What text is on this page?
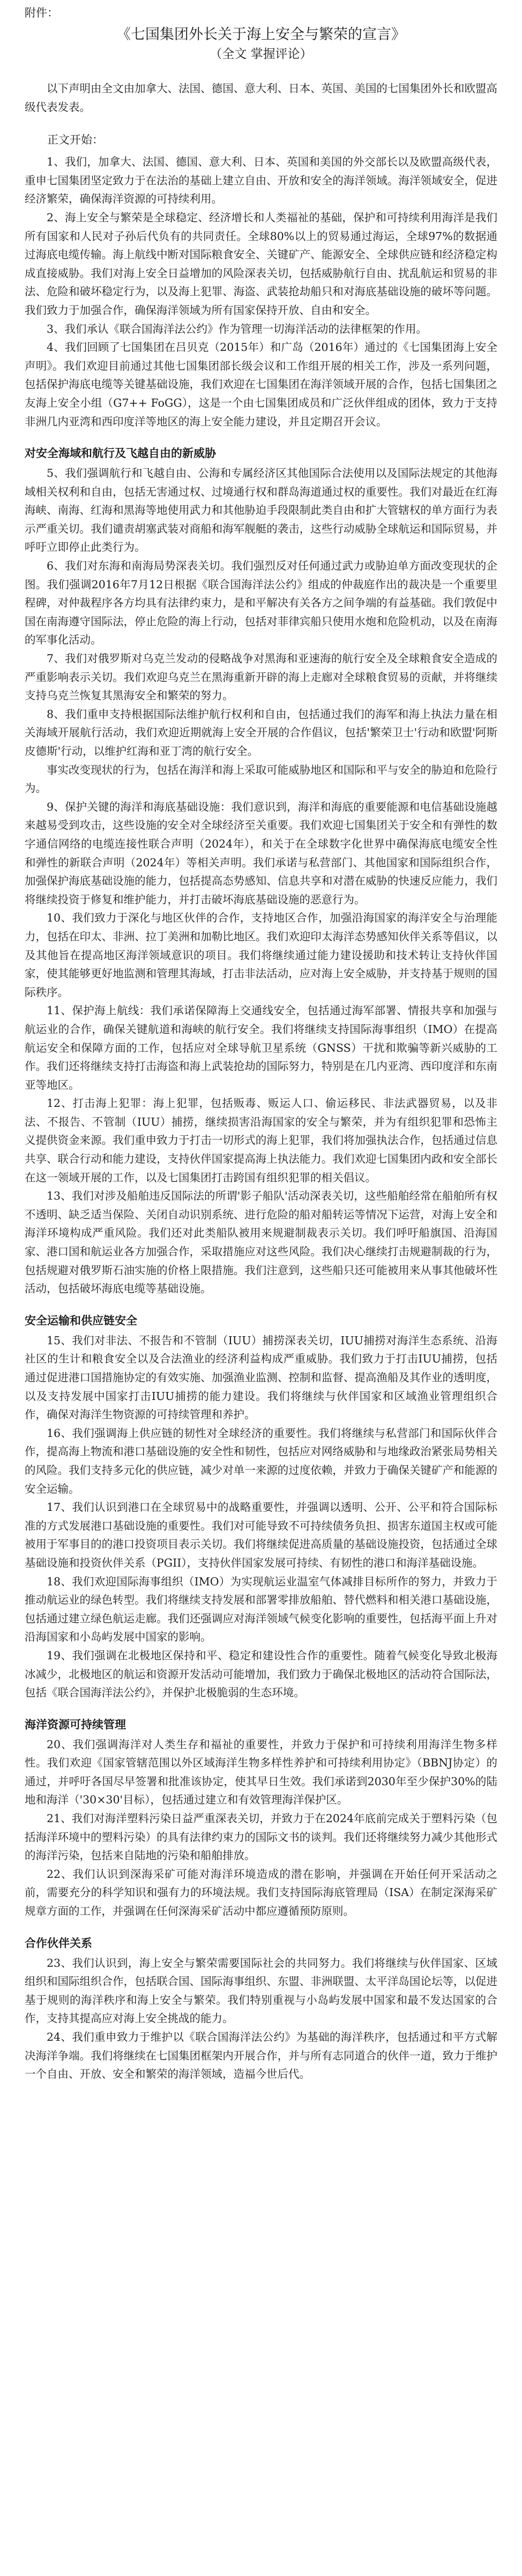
附件：
《七国集团外长关于海上安全与繁荣的宣言》
（全文 掌握评论）

以下声明由全文由加拿大、法国、德国、意大利、日本、英国、美国的七国集团外长和欧盟高级代表发表。

正文开始：

1、我们，加拿大、法国、德国、意大利、日本、英国和美国的外交部长以及欧盟高级代表，重申七国集团坚定致力于在法治的基础上建立自由、开放和安全的海洋领域。海洋领域安全，促进经济繁荣，确保海洋资源的可持续利用。

2、海上安全与繁荣是全球稳定、经济增长和人类福祉的基础，保护和可持续利用海洋是我们所有国家和人民对子孙后代负有的共同责任。全球80%以上的贸易通过海运，全球97%的数据通过海底电缆传输。海上航线中断对国际粮食安全、关键矿产、能源安全、全球供应链和经济稳定构成直接威胁。我们对海上安全日益增加的风险深表关切，包括威胁航行自由、扰乱航运和贸易的非法、危险和破坏稳定行为，以及海上犯罪、海盗、武装抢劫船只和对海底基础设施的破坏等问题。我们致力于加强合作，确保海洋领域为所有国家保持开放、自由和安全。

3、我们承认《联合国海洋法公约》作为管理一切海洋活动的法律框架的作用。

4、我们回顾了七国集团在吕贝克（2015年）和广岛（2016年）通过的《七国集团海上安全声明》。我们欢迎目前通过其他七国集团部长级会议和工作组开展的相关工作，涉及一系列问题，包括保护海底电缆等关键基础设施，我们欢迎在七国集团在海洋领域开展的合作，包括七国集团之友海上安全小组（G7++ FoGG），这是一个由七国集团成员和广泛伙伴组成的团体，致力于支持非洲几内亚湾和西印度洋等地区的海上安全能力建设，并且定期召开会议。

对安全海域和航行及飞越自由的新威胁

5、我们强调航行和飞越自由、公海和专属经济区其他国际合法使用以及国际法规定的其他海域相关权利和自由，包括无害通过权、过境通行权和群岛海道通过权的重要性。我们对最近在红海海峡、南海、红海和黑海等地使用武力和其他胁迫手段限制此类自由和扩大管辖权的单方面行为表示严重关切。我们谴责胡塞武装对商船和海军舰艇的袭击，这些行动威胁全球航运和国际贸易，并呼吁立即停止此类行为。

6、我们对东海和南海局势深表关切。我们强烈反对任何通过武力或胁迫单方面改变现状的企图。我们强调2016年7月12日根据《联合国海洋法公约》组成的仲裁庭作出的裁决是一个重要里程碑，对仲裁程序各方均具有法律约束力，是和平解决有关各方之间争端的有益基础。我们敦促中国在南海遵守国际法，停止危险的海上行动，包括对菲律宾船只使用水炮和危险机动，以及在南海的军事化活动。

7、我们对俄罗斯对乌克兰发动的侵略战争对黑海和亚速海的航行安全及全球粮食安全造成的严重影响表示关切。我们欢迎乌克兰在黑海重新开辟的海上走廊对全球粮食贸易的贡献，并将继续支持乌克兰恢复其黑海安全和繁荣的努力。

8、我们重申支持根据国际法维护航行权利和自由，包括通过我们的海军和海上执法力量在相关海域开展航行活动，我们欢迎近期就海上安全开展的合作倡议，包括'繁荣卫士'行动和欧盟'阿斯皮德斯'行动，以维护红海和亚丁湾的航行安全。

事实改变现状的行为，包括在海洋和海上采取可能威胁地区和国际和平与安全的胁迫和危险行为。

9、保护关键的海洋和海底基础设施：我们意识到，海洋和海底的重要能源和电信基础设施越来越易受到攻击，这些设施的安全对全球经济至关重要。我们欢迎七国集团关于安全和有弹性的数字通信网络的电缆连接性联合声明（2024年），和关于在全球数字化世界中确保海底电缆安全性和弹性的新联合声明（2024年）等相关声明。我们承诺与私营部门、其他国家和国际组织合作，加强保护海底基础设施的能力，包括提高态势感知、信息共享和对潜在威胁的快速反应能力，我们将继续投资于修复和维护能力，并打击破坏海底基础设施的恶意行为。

10、我们致力于深化与地区伙伴的合作，支持地区合作，加强沿海国家的海洋安全与治理能力，包括在印太、非洲、拉丁美洲和加勒比地区。我们欢迎印太海洋态势感知伙伴关系等倡议，以及其他旨在提高地区海洋领域意识的项目。我们将继续通过能力建设援助和技术转让支持伙伴国家，使其能够更好地监测和管理其海域，打击非法活动，应对海上安全威胁，并支持基于规则的国际秩序。

11、保护海上航线：我们承诺保障海上交通线安全，包括通过海军部署、情报共享和加强与航运业的合作，确保关键航道和海峡的航行安全。我们将继续支持国际海事组织（IMO）在提高航运安全和保障方面的工作，包括应对全球导航卫星系统（GNSS）干扰和欺骗等新兴威胁的工作。我们还将继续支持打击海盗和海上武装抢劫的国际努力，特别是在几内亚湾、西印度洋和东南亚等地区。

12、打击海上犯罪：海上犯罪，包括贩毒、贩运人口、偷运移民、非法武器贸易，以及非法、不报告、不管制（IUU）捕捞，继续损害沿海国家的安全与繁荣，并为有组织犯罪和恐怖主义提供资金来源。我们重申致力于打击一切形式的海上犯罪，我们将加强执法合作，包括通过信息共享、联合行动和能力建设，支持伙伴国家提高海上执法能力。我们欢迎七国集团内政和安全部长在这一领域开展的工作，以及七国集团打击跨国有组织犯罪的相关倡议。

13、我们对涉及船舶违反国际法的所谓'影子船队'活动深表关切，这些船舶经常在船舶所有权不透明、缺乏适当保险、关闭自动识别系统、进行危险的船对船转运等情况下运营，对海上安全和海洋环境构成严重风险。我们还对此类船队被用来规避制裁表示关切。我们呼吁船旗国、沿海国家、港口国和航运业各方加强合作，采取措施应对这些风险。我们决心继续打击规避制裁的行为，包括规避对俄罗斯石油实施的价格上限措施。我们注意到，这些船只还可能被用来从事其他破坏性活动，包括破坏海底电缆等基础设施。

安全运输和供应链安全

15、我们对非法、不报告和不管制（IUU）捕捞深表关切，IUU捕捞对海洋生态系统、沿海社区的生计和粮食安全以及合法渔业的经济利益构成严重威胁。我们致力于打击IUU捕捞，包括通过促进港口国措施协定的有效实施、加强渔业监测、控制和监督、提高渔船及其作业的透明度，以及支持发展中国家打击IUU捕捞的能力建设。我们将继续与伙伴国家和区域渔业管理组织合作，确保对海洋生物资源的可持续管理和养护。

16、我们强调海上供应链的韧性对全球经济的重要性。我们将继续与私营部门和国际伙伴合作，提高海上物流和港口基础设施的安全性和韧性，包括应对网络威胁和与地缘政治紧张局势相关的风险。我们支持多元化的供应链，减少对单一来源的过度依赖，并致力于确保关键矿产和能源的安全运输。

17、我们认识到港口在全球贸易中的战略重要性，并强调以透明、公开、公平和符合国际标准的方式发展港口基础设施的重要性。我们对可能导致不可持续债务负担、损害东道国主权或可能被用于军事目的的港口投资项目表示关切。我们将继续促进高质量的基础设施投资，包括通过全球基础设施和投资伙伴关系（PGII），支持伙伴国家发展可持续、有韧性的港口和海洋基础设施。

18、我们欢迎国际海事组织（IMO）为实现航运业温室气体减排目标所作的努力，并致力于推动航运业的绿色转型。我们将继续支持发展和部署零排放船舶、替代燃料和相关港口基础设施，包括通过建立绿色航运走廊。我们还强调应对海洋领域气候变化影响的重要性，包括海平面上升对沿海国家和小岛屿发展中国家的影响。

19、我们强调在北极地区保持和平、稳定和建设性合作的重要性。随着气候变化导致北极海冰减少，北极地区的航运和资源开发活动可能增加，我们致力于确保北极地区的活动符合国际法，包括《联合国海洋法公约》，并保护北极脆弱的生态环境。

海洋资源可持续管理

20、我们强调海洋对人类生存和福祉的重要性，并致力于保护和可持续利用海洋生物多样性。我们欢迎《国家管辖范围以外区域海洋生物多样性养护和可持续利用协定》（BBNJ协定）的通过，并呼吁各国尽早签署和批准该协定，使其早日生效。我们承诺到2030年至少保护30%的陆地和海洋（'30×30'目标），包括通过建立和有效管理海洋保护区。

21、我们对海洋塑料污染日益严重深表关切，并致力于在2024年底前完成关于塑料污染（包括海洋环境中的塑料污染）的具有法律约束力的国际文书的谈判。我们还将继续努力减少其他形式的海洋污染，包括来自陆地的污染和船舶排放。

22、我们认识到深海采矿可能对海洋环境造成的潜在影响，并强调在开始任何开采活动之前，需要充分的科学知识和强有力的环境法规。我们支持国际海底管理局（ISA）在制定深海采矿规章方面的工作，并强调在任何深海采矿活动中都应遵循预防原则。

合作伙伴关系

23、我们认识到，海上安全与繁荣需要国际社会的共同努力。我们将继续与伙伴国家、区域组织和国际组织合作，包括联合国、国际海事组织、东盟、非洲联盟、太平洋岛国论坛等，以促进基于规则的海洋秩序和海上安全与繁荣。我们特别重视与小岛屿发展中国家和最不发达国家的合作，支持其提高应对海上安全挑战的能力。

24、我们重申致力于维护以《联合国海洋法公约》为基础的海洋秩序，包括通过和平方式解决海洋争端。我们将继续在七国集团框架内开展合作，并与所有志同道合的伙伴一道，致力于维护一个自由、开放、安全和繁荣的海洋领域，造福今世后代。
